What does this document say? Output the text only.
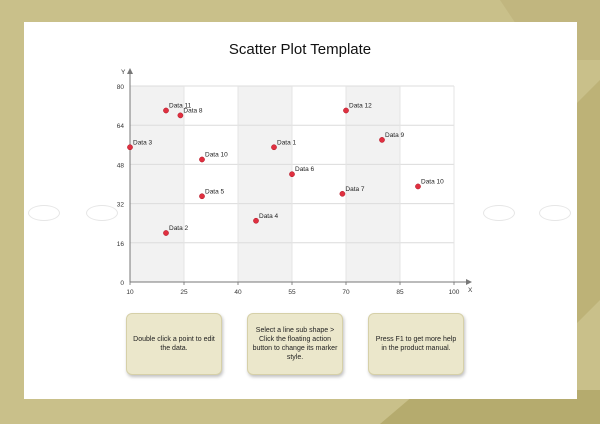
Scatter Plot Template
0
16
32
48
64
80
10	25	40	55	70	85	100 X
Y
Data 1
Data 2
Data 3
Data 4
Data 5
Data 6
Data 7
Data 8
Data 9
Data 10
Data 10
Data 11	Data 12
Double click a point to edit the data.
Select a line sub shape > Click the floating action button to change its marker style.
Press F1 to get more help in the product manual.
